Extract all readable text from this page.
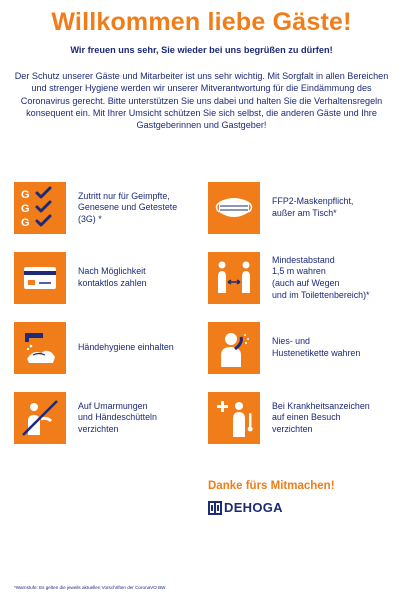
Willkommen liebe Gäste!
Wir freuen uns sehr, Sie wieder bei uns begrüßen zu dürfen!
Der Schutz unserer Gäste und Mitarbeiter ist uns sehr wichtig. Mit Sorgfalt in allen Bereichen und strenger Hygiene werden wir unserer Mitverantwortung für die Eindämmung des Coronavirus gerecht. Bitte unterstützen Sie uns dabei und halten Sie die Verhaltensregeln konsequent ein. Mit Ihrer Umsicht schützen Sie sich selbst, die anderen Gäste und Ihre Gastgeberinnen und Gastgeber!
G
G
G
Zutritt nur für Geimpfte,
Genesene und Getestete
(3G) *
Nach Möglichkeit
kontaktlos zahlen
Händehygiene einhalten
Auf Umarmungen
und Händeschütteln
verzichten
FFP2-Maskenpflicht,
außer am Tisch*
Mindestabstand
1,5 m wahren
(auch auf Wegen
und im Toilettenbereich)*
Nies- und
Hustenetikette wahren
Bei Krankheitsanzeichen
auf einen Besuch
verzichten
Danke fürs Mitmachen!
DEHOGA
*Warnstufe: Es gelten die jeweils aktuellen Vorschriften der CoronaVO BW
